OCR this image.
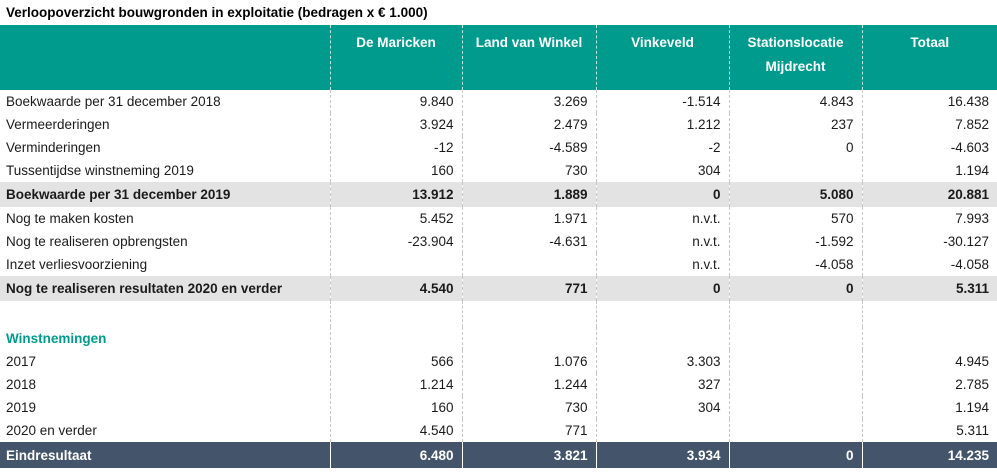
Verloopoverzicht bouwgronden in exploitatie (bedragen x € 1.000)
	De Maricken	Land van Winkel	Vinkeveld	Stationslocatie Mijdrecht	Totaal
Boekwaarde per 31 december 2018	9.840	3.269	-1.514	4.843	16.438
Vermeerderingen	3.924	2.479	1.212	237	7.852
Verminderingen	-12	-4.589	-2	0	-4.603
Tussentijdse winstneming 2019	160	730	304		1.194
Boekwaarde per 31 december 2019	13.912	1.889	0	5.080	20.881
Nog te maken kosten	5.452	1.971	n.v.t.	570	7.993
Nog te realiseren opbrengsten	-23.904	-4.631	n.v.t.	-1.592	-30.127
Inzet verliesvoorziening			n.v.t.	-4.058	-4.058
Nog te realiseren resultaten 2020 en verder	4.540	771	0	0	5.311

Winstnemingen					
2017	566	1.076	3.303		4.945
2018	1.214	1.244	327		2.785
2019	160	730	304		1.194
2020 en verder	4.540	771			5.311
Eindresultaat	6.480	3.821	3.934	0	14.235
